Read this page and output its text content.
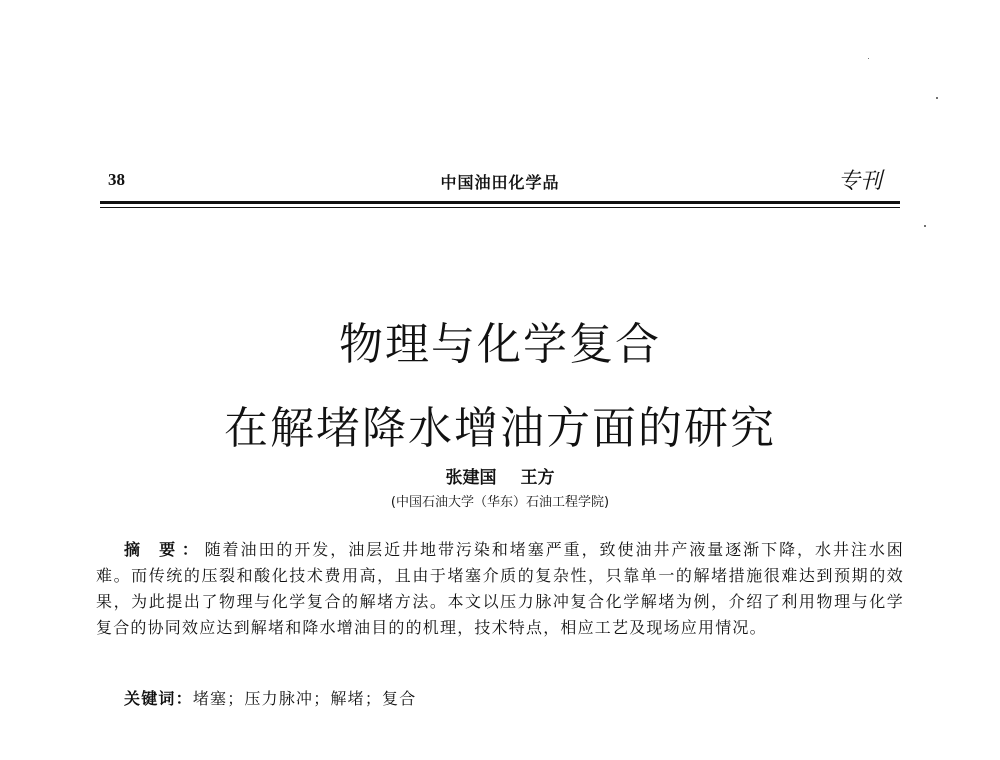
38	中国油田化学品	专刊
物理与化学复合
在解堵降水增油方面的研究
张建国 王方
(中国石油大学（华东）石油工程学院)
摘 要：随着油田的开发，油层近井地带污染和堵塞严重，致使油井产液量逐渐下降，水井注水困难。而传统的压裂和酸化技术费用高，且由于堵塞介质的复杂性，只靠单一的解堵措施很难达到预期的效果，为此提出了物理与化学复合的解堵方法。本文以压力脉冲复合化学解堵为例，介绍了利用物理与化学复合的协同效应达到解堵和降水增油目的的机理，技术特点，相应工艺及现场应用情况。
关键词：堵塞；压力脉冲；解堵；复合
